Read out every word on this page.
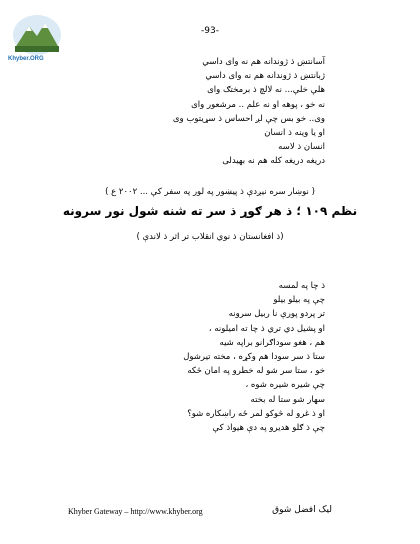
Khyber.ORG
-93-
آسانتښ ذ ژوندانه هم نه واى داسي
ژبانتښ ذ ژوندانه هم نه واى داسي
هلې خلې... نه لالچ ذ برمختګ واى
نه خو ، پوهه او نه علم .. مرشعور واى
وى.. خو بس چې لږ احساس ذ سړيتوب وى
او يا وينه ذ انسان
انسان ذ لاسه
دريغه دريغه كله هم نه بهيدلى
( نوښار سره نيږدې ذ پيښور په لور په سفر كې ... ٢٠٠٢ ع )
نظم ١٠٩ ؛ ذ هر ګوړ ذ سر ته شنه شول نور سرونه
(ذ افغانستان ذ نوي انقلاب تر اثر ذ لاندې )
ذ چا په لمسه
چې په بيلو بيلو
تر پردو پورې نا ربيل سرونه
او پشيل دي تري ذ چا ته اميلونه ،
هم ، هغو سوداګرانو براپه شيه
ستا ذ سر سودا هم وكړه ، مخته تيرشول
خو ، ستا سر شو له خطرو په امان څكه
چې شيره شيره شوه ،
سهار شو ستا له بخته
او ذ غرو له څوكو لمر ځه راښكاره شو؟
چې ذ ګلو هديرو په دې هيواذ كې
Khyber Gateway – http://www.khyber.org	ليک افضل شوق
